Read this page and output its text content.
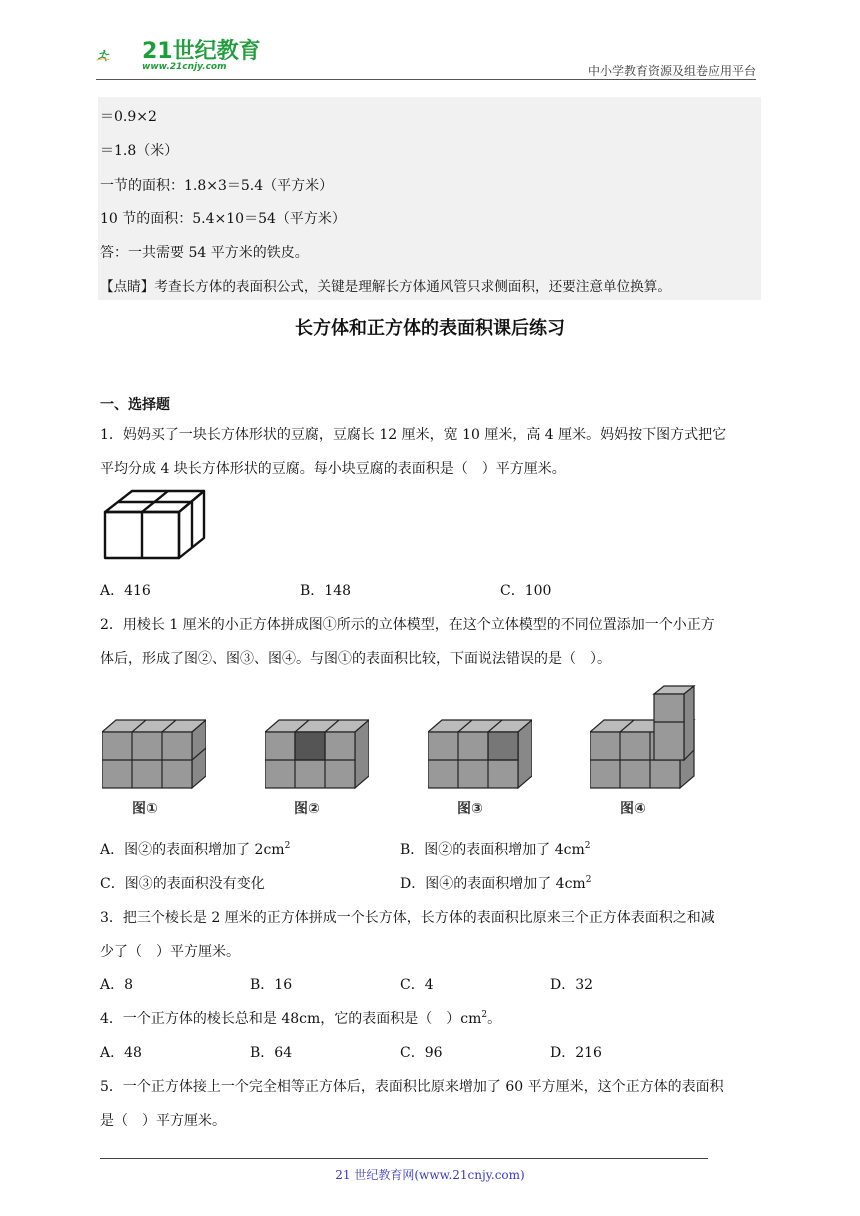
21世纪教育
www.21cnjy.com	中小学教育资源及组卷应用平台
＝0.9×2
＝1.8（米）
一节的面积：1.8×3＝5.4（平方米）
10 节的面积：5.4×10＝54（平方米）
答：一共需要 54 平方米的铁皮。
【点睛】考查长方体的表面积公式，关键是理解长方体通风管只求侧面积，还要注意单位换算。
长方体和正方体的表面积课后练习
一、选择题
1．妈妈买了一块长方体形状的豆腐，豆腐长 12 厘米，宽 10 厘米，高 4 厘米。妈妈按下图方式把它
平均分成 4 块长方体形状的豆腐。每小块豆腐的表面积是（　）平方厘米。
A．416	B．148	C．100
2．用棱长 1 厘米的小正方体拼成图①所示的立体模型，在这个立体模型的不同位置添加一个小正方
体后，形成了图②、图③、图④。与图①的表面积比较，下面说法错误的是（　）。
图①	图②	图③	图④
A．图②的表面积增加了 $2cm^2$	B．图②的表面积增加了 $4cm^2$
C．图③的表面积没有变化	D．图④的表面积增加了 $4cm^2$
3．把三个棱长是 2 厘米的正方体拼成一个长方体，长方体的表面积比原来三个正方体表面积之和减
少了（　）平方厘米。
A．8	B．16	C．4	D．32
4．一个正方体的棱长总和是 48cm，它的表面积是（　）$cm^2$。
A．48	B．64	C．96	D．216
5．一个正方体接上一个完全相等正方体后，表面积比原来增加了 60 平方厘米，这个正方体的表面积
是（　）平方厘米。
21 世纪教育网(www.21cnjy.com)
